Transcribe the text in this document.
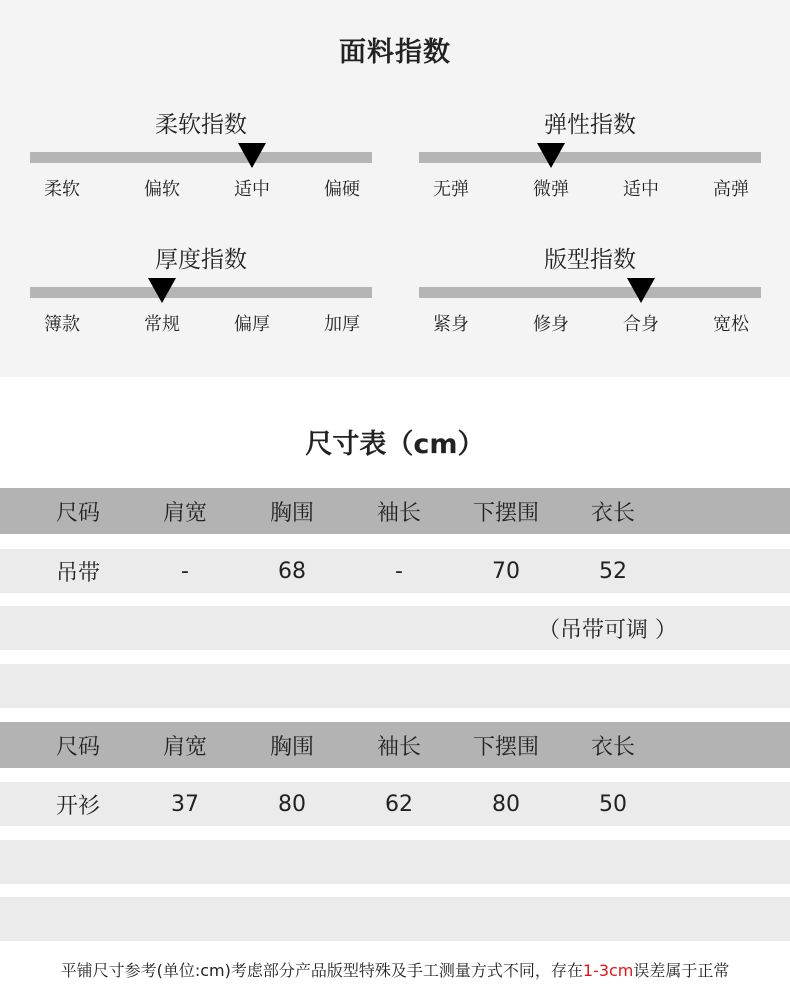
面料指数
柔软指数
柔软	偏软	适中	偏硬
弹性指数
无弹	微弹	适中	高弹
厚度指数
簿款	常规	偏厚	加厚
版型指数
紧身	修身	合身	宽松
尺寸表（cm）
尺码	肩宽	胸围	袖长 下摆围 衣长
吊带	-	68	-	70	52
（吊带可调 ）
尺码	肩宽	胸围	袖长 下摆围 衣长
开衫	37	80	62	80	50

平铺尺寸参考(单位:cm)考虑部分产品版型特殊及手工测量方式不同，存在1-3cm误差属于正常
